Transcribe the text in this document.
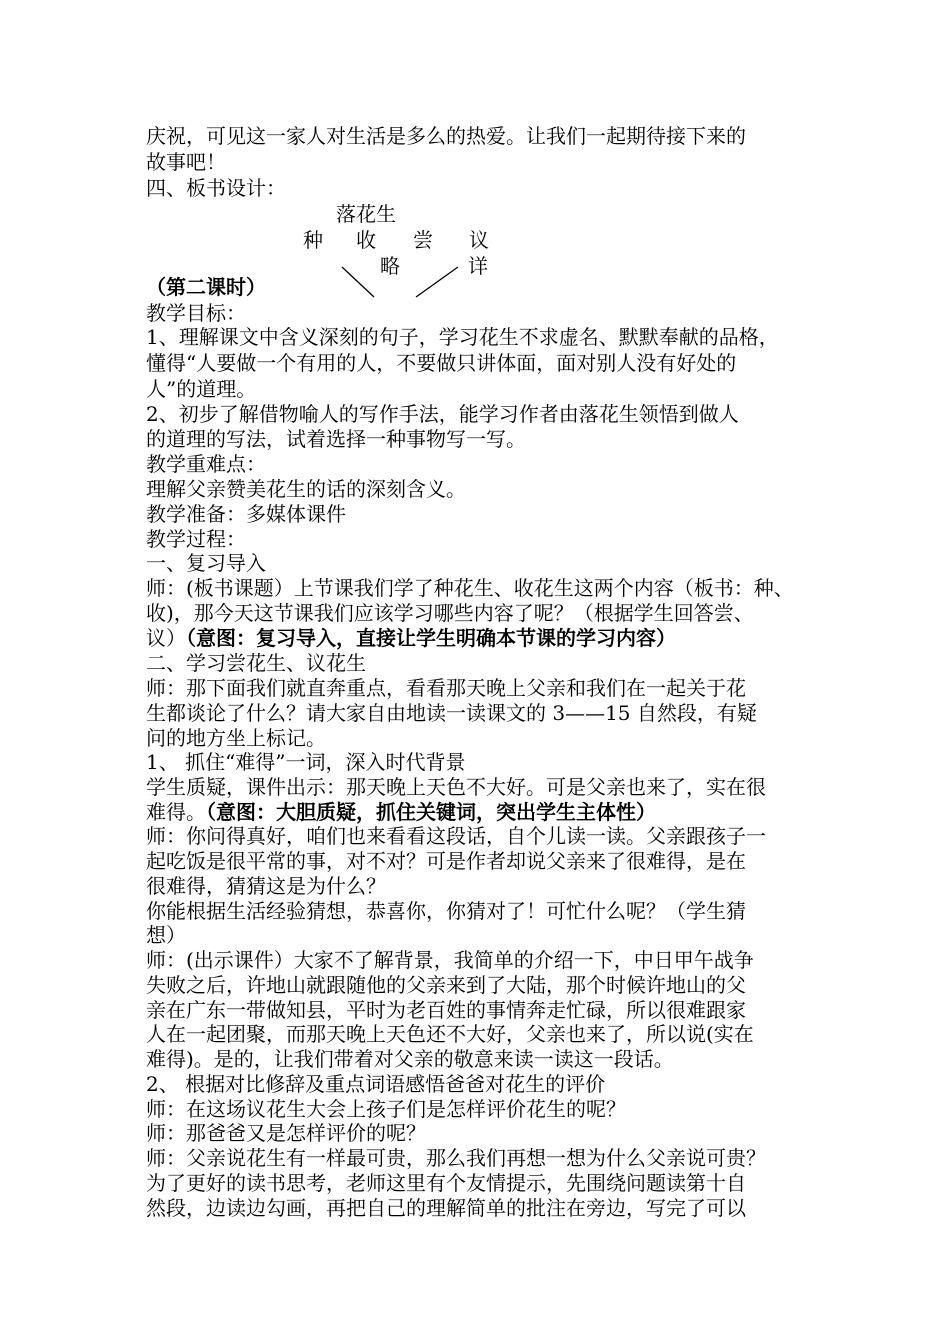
庆祝，可见这一家人对生活是多么的热爱。让我们一起期待接下来的
故事吧！
四、板书设计：
落花生
种 收 尝 议
略	详
（第二课时）
教学目标：
1、理解课文中含义深刻的句子，学习花生不求虚名、默默奉献的品格，
懂得“人要做一个有用的人，不要做只讲体面，面对别人没有好处的
人”的道理。
2、初步了解借物喻人的写作手法，能学习作者由落花生领悟到做人
的道理的写法，试着选择一种事物写一写。
教学重难点：
理解父亲赞美花生的话的深刻含义。
教学准备：多媒体课件
教学过程：
一、复习导入
师：(板书课题）上节课我们学了种花生、收花生这两个内容（板书：种、
收)，那今天这节课我们应该学习哪些内容了呢？（根据学生回答尝、
议）（意图：复习导入，直接让学生明确本节课的学习内容）
二、学习尝花生、议花生
师：那下面我们就直奔重点，看看那天晚上父亲和我们在一起关于花
生都谈论了什么？请大家自由地读一读课文的 3——15 自然段，有疑
问的地方坐上标记。
1、 抓住“难得”一词，深入时代背景
学生质疑，课件出示：那天晚上天色不大好。可是父亲也来了，实在很
难得。（意图：大胆质疑，抓住关键词，突出学生主体性）
师：你问得真好，咱们也来看看这段话，自个儿读一读。父亲跟孩子一
起吃饭是很平常的事，对不对？可是作者却说父亲来了很难得，是在
很难得，猜猜这是为什么？
你能根据生活经验猜想，恭喜你，你猜对了！可忙什么呢？（学生猜
想）
师：(出示课件）大家不了解背景，我简单的介绍一下，中日甲午战争
失败之后，许地山就跟随他的父亲来到了大陆，那个时候许地山的父
亲在广东一带做知县，平时为老百姓的事情奔走忙碌，所以很难跟家
人在一起团聚，而那天晚上天色还不大好，父亲也来了，所以说(实在
难得)。是的，让我们带着对父亲的敬意来读一读这一段话。
2、 根据对比修辞及重点词语感悟爸爸对花生的评价
师：在这场议花生大会上孩子们是怎样评价花生的呢？
师：那爸爸又是怎样评价的呢？
师：父亲说花生有一样最可贵，那么我们再想一想为什么父亲说可贵？
为了更好的读书思考，老师这里有个友情提示，先围绕问题读第十自
然段，边读边勾画，再把自己的理解简单的批注在旁边，写完了可以
